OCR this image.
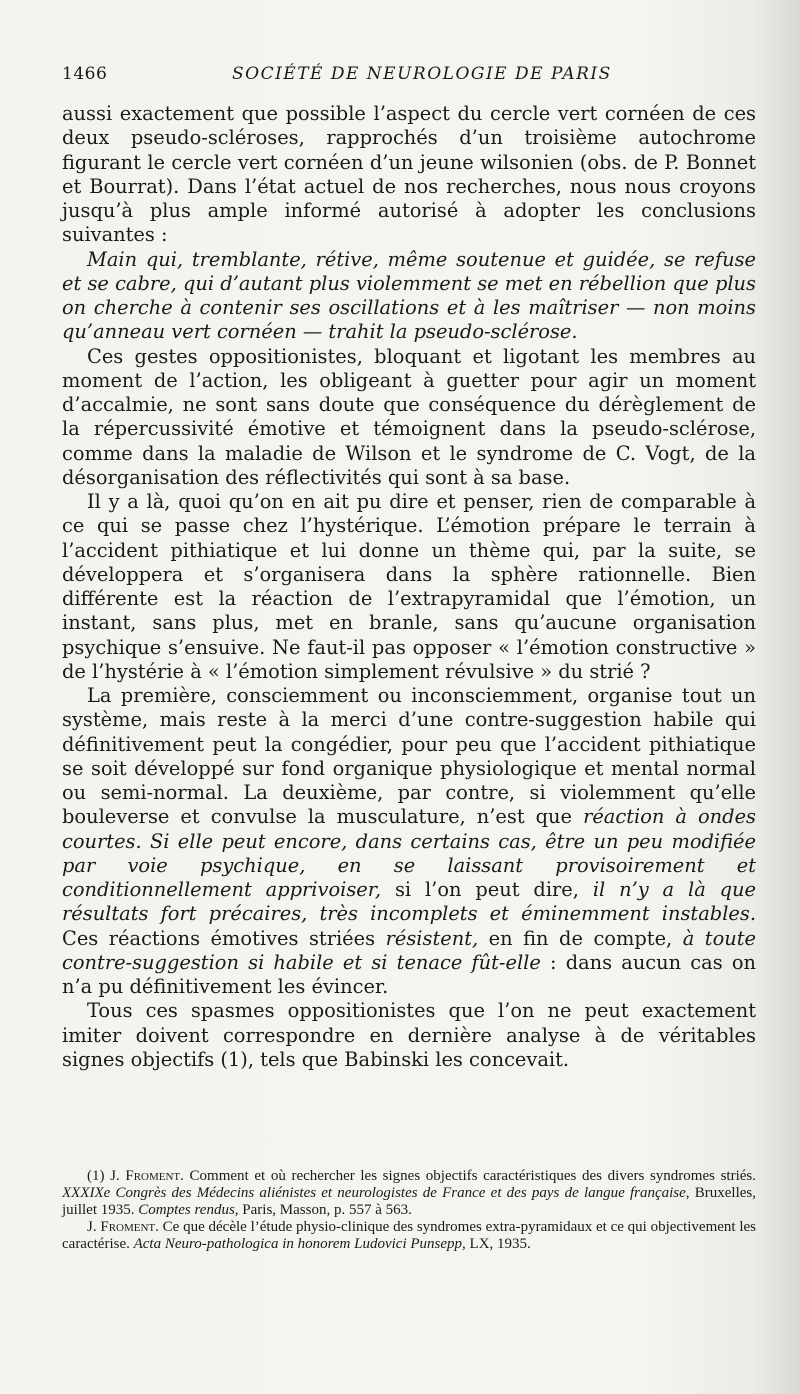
1466	SOCIÉTÉ DE NEUROLOGIE DE PARIS

aussi exactement que possible l’aspect du cercle vert cornéen de ces deux pseudo-scléroses, rapprochés d’un troisième autochrome figurant le cercle vert cornéen d’un jeune wilsonien (obs. de P. Bonnet et Bourrat). Dans l’état actuel de nos recherches, nous nous croyons jusqu’à plus ample informé autorisé à adopter les conclusions suivantes :

Main qui, tremblante, rétive, même soutenue et guidée, se refuse et se cabre, qui d’autant plus violemment se met en rébellion que plus on cherche à contenir ses oscillations et à les maîtriser — non moins qu’anneau vert cornéen — trahit la pseudo-sclérose.

Ces gestes oppositionistes, bloquant et ligotant les membres au moment de l’action, les obligeant à guetter pour agir un moment d’accalmie, ne sont sans doute que conséquence du dérèglement de la répercussivité émotive et témoignent dans la pseudo-sclérose, comme dans la maladie de Wilson et le syndrome de C. Vogt, de la désorganisation des réflectivités qui sont à sa base.

Il y a là, quoi qu’on en ait pu dire et penser, rien de comparable à ce qui se passe chez l’hystérique. L’émotion prépare le terrain à l’accident pithiatique et lui donne un thème qui, par la suite, se développera et s’organisera dans la sphère rationnelle. Bien différente est la réaction de l’extrapyramidal que l’émotion, un instant, sans plus, met en branle, sans qu’aucune organisation psychique s’ensuive. Ne faut-il pas opposer « l’émotion constructive » de l’hystérie à « l’émotion simplement révulsive » du strié ?

La première, consciemment ou inconsciemment, organise tout un système, mais reste à la merci d’une contre-suggestion habile qui définitivement peut la congédier, pour peu que l’accident pithiatique se soit développé sur fond organique physiologique et mental normal ou semi-normal. La deuxième, par contre, si violemment qu’elle bouleverse et convulse la musculature, n’est que réaction à ondes courtes. Si elle peut encore, dans certains cas, être un peu modifiée par voie psychique, en se laissant provisoirement et conditionnellement apprivoiser, si l’on peut dire, il n’y a là que résultats fort précaires, très incomplets et éminemment instables. Ces réactions émotives striées résistent, en fin de compte, à toute contre-suggestion si habile et si tenace fût-elle : dans aucun cas on n’a pu définitivement les évincer.

Tous ces spasmes oppositionistes que l’on ne peut exactement imiter doivent correspondre en dernière analyse à de véritables signes objectifs (1), tels que Babinski les concevait.

(1) J. Froment. Comment et où rechercher les signes objectifs caractéristiques des divers syndromes striés. XXXIXe Congrès des Médecins aliénistes et neurologistes de France et des pays de langue française, Bruxelles, juillet 1935. Comptes rendus, Paris, Masson, p. 557 à 563.

J. Froment. Ce que décèle l’étude physio-clinique des syndromes extra-pyramidaux et ce qui objectivement les caractérise. Acta Neuro-pathologica in honorem Ludovici Punsepp, LX, 1935.
